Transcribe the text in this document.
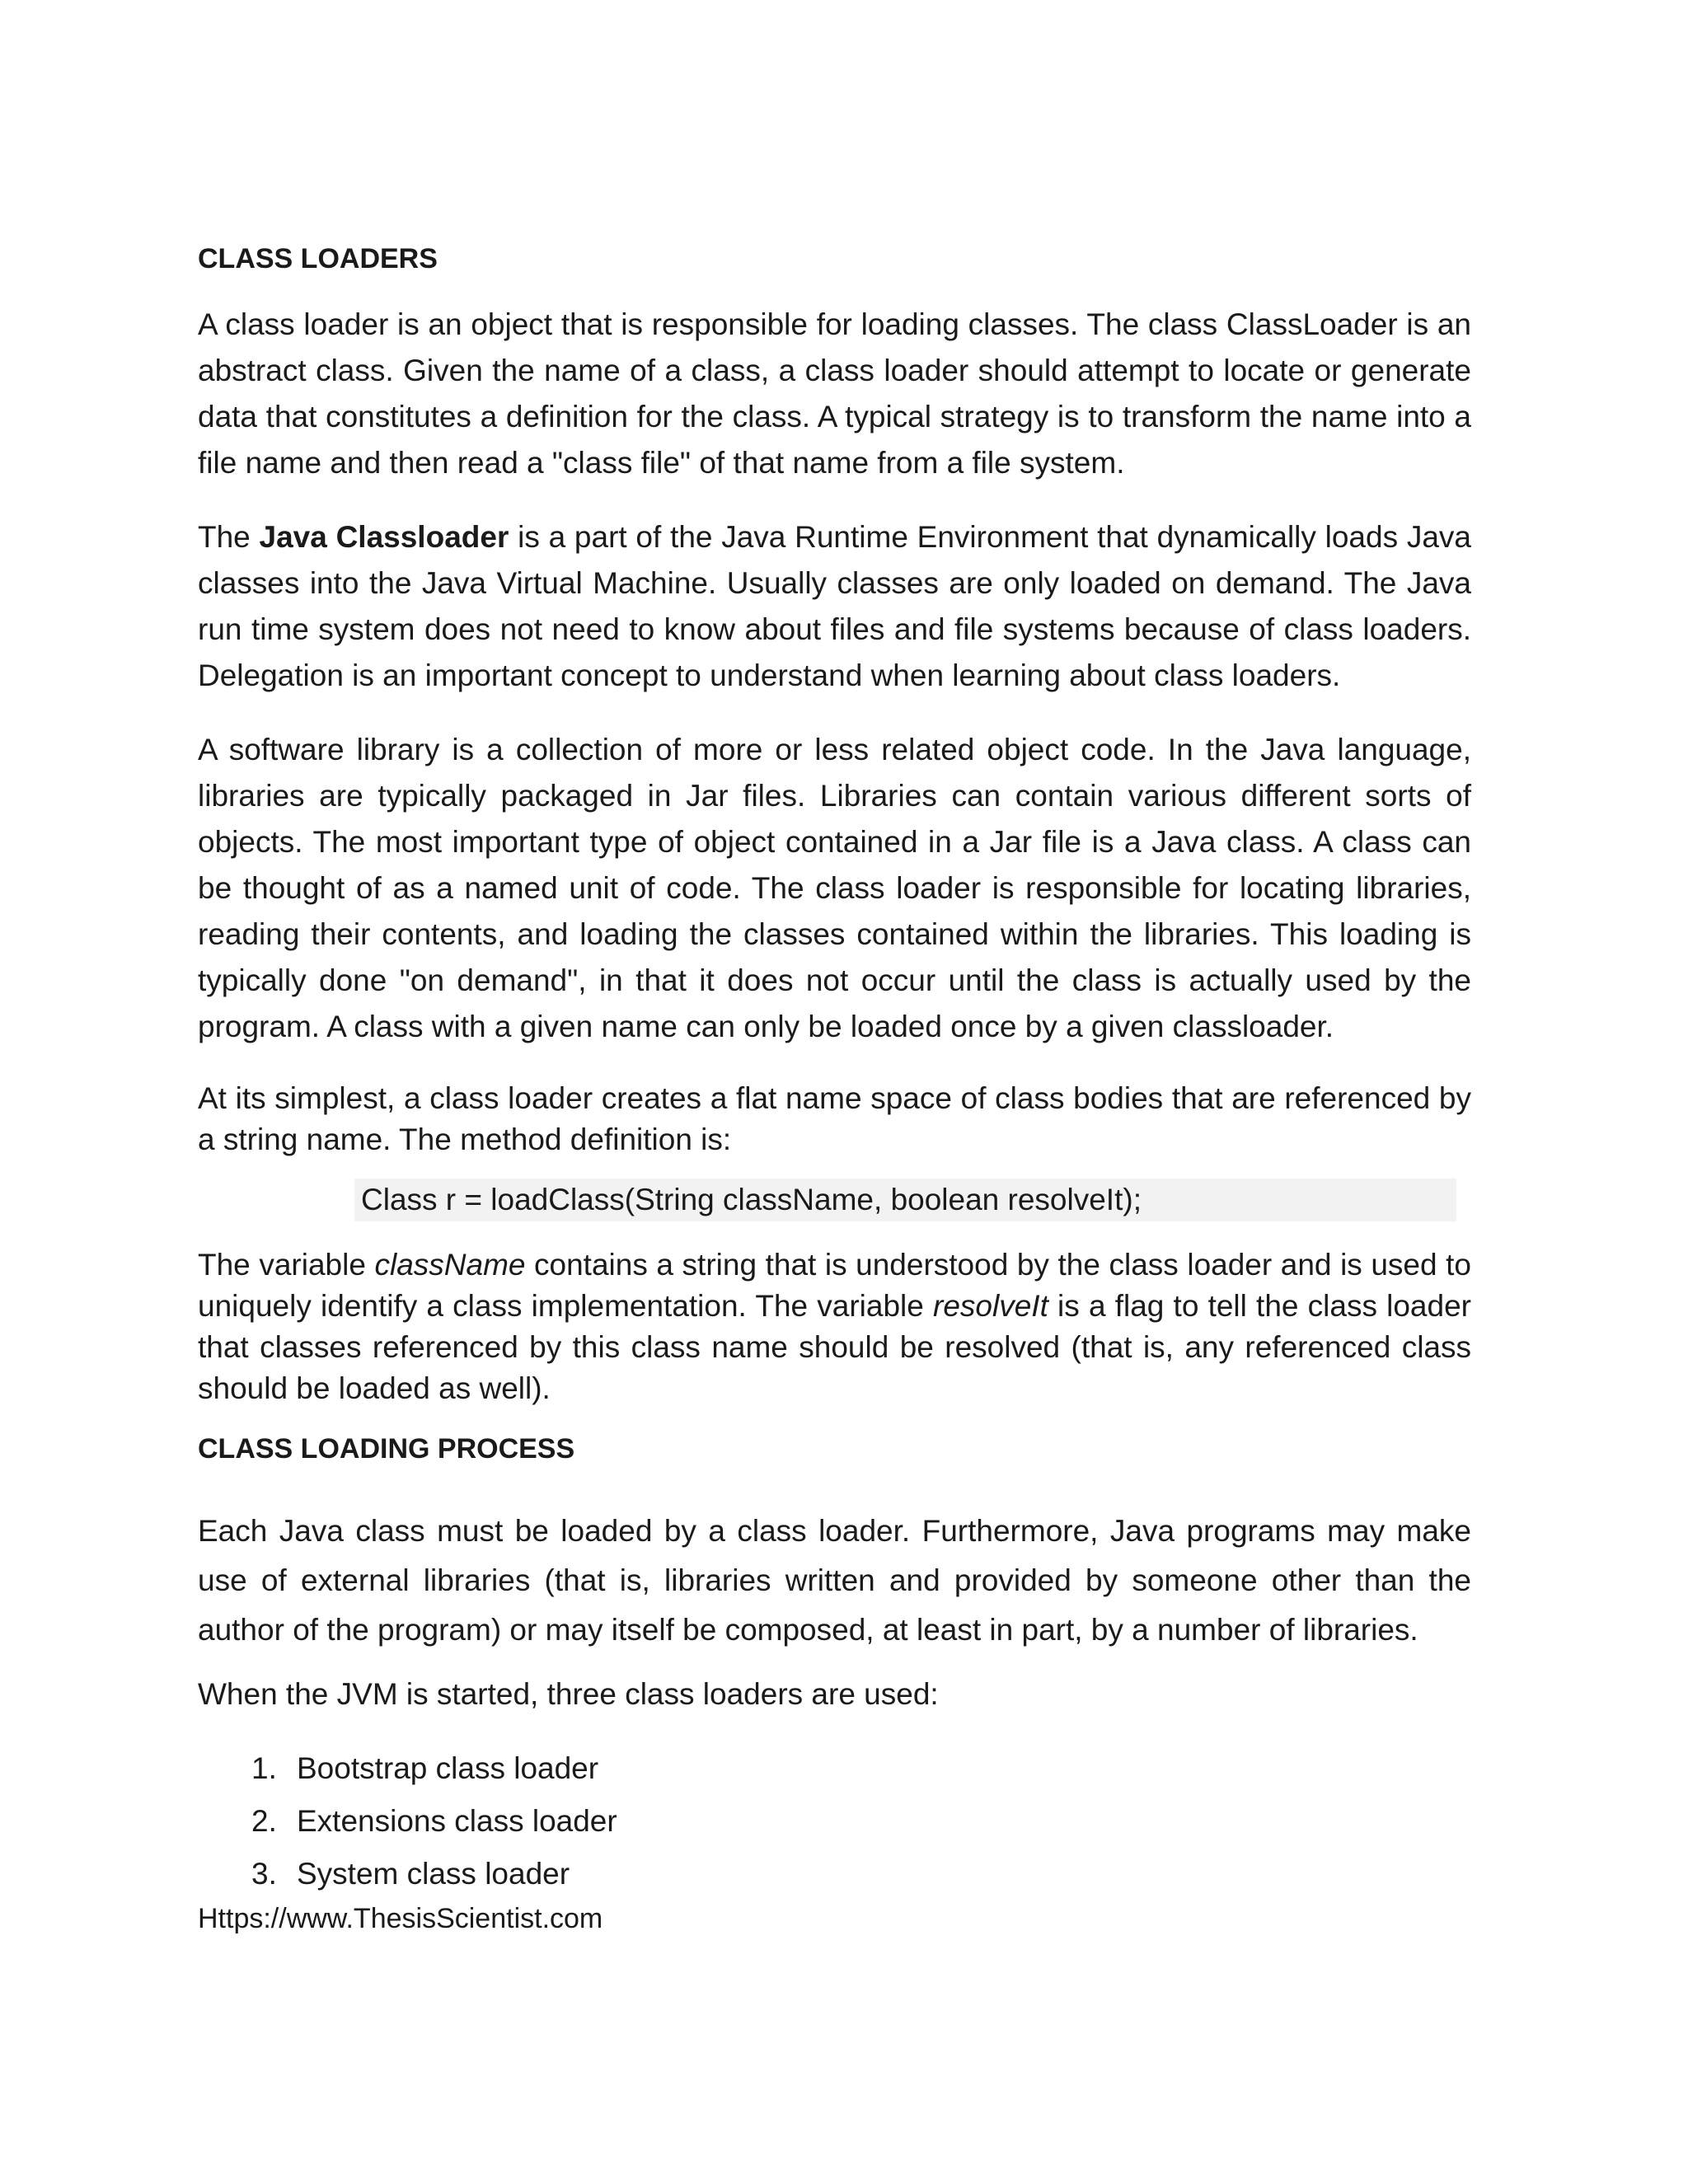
CLASS LOADERS

A class loader is an object that is responsible for loading classes. The class ClassLoader is an abstract class. Given the name of a class, a class loader should attempt to locate or generate data that constitutes a definition for the class. A typical strategy is to transform the name into a file name and then read a "class file" of that name from a file system.

The Java Classloader is a part of the Java Runtime Environment that dynamically loads Java classes into the Java Virtual Machine. Usually classes are only loaded on demand. The Java run time system does not need to know about files and file systems because of class loaders. Delegation is an important concept to understand when learning about class loaders.

A software library is a collection of more or less related object code. In the Java language, libraries are typically packaged in Jar files. Libraries can contain various different sorts of objects. The most important type of object contained in a Jar file is a Java class. A class can be thought of as a named unit of code. The class loader is responsible for locating libraries, reading their contents, and loading the classes contained within the libraries. This loading is typically done "on demand", in that it does not occur until the class is actually used by the program. A class with a given name can only be loaded once by a given classloader.

At its simplest, a class loader creates a flat name space of class bodies that are referenced by a string name. The method definition is:

Class r = loadClass(String className, boolean resolveIt);

The variable className contains a string that is understood by the class loader and is used to uniquely identify a class implementation. The variable resolveIt is a flag to tell the class loader that classes referenced by this class name should be resolved (that is, any referenced class should be loaded as well).

CLASS LOADING PROCESS

Each Java class must be loaded by a class loader. Furthermore, Java programs may make use of external libraries (that is, libraries written and provided by someone other than the author of the program) or may itself be composed, at least in part, by a number of libraries.

When the JVM is started, three class loaders are used:

1. Bootstrap class loader
2. Extensions class loader
3. System class loader

Https://www.ThesisScientist.com
